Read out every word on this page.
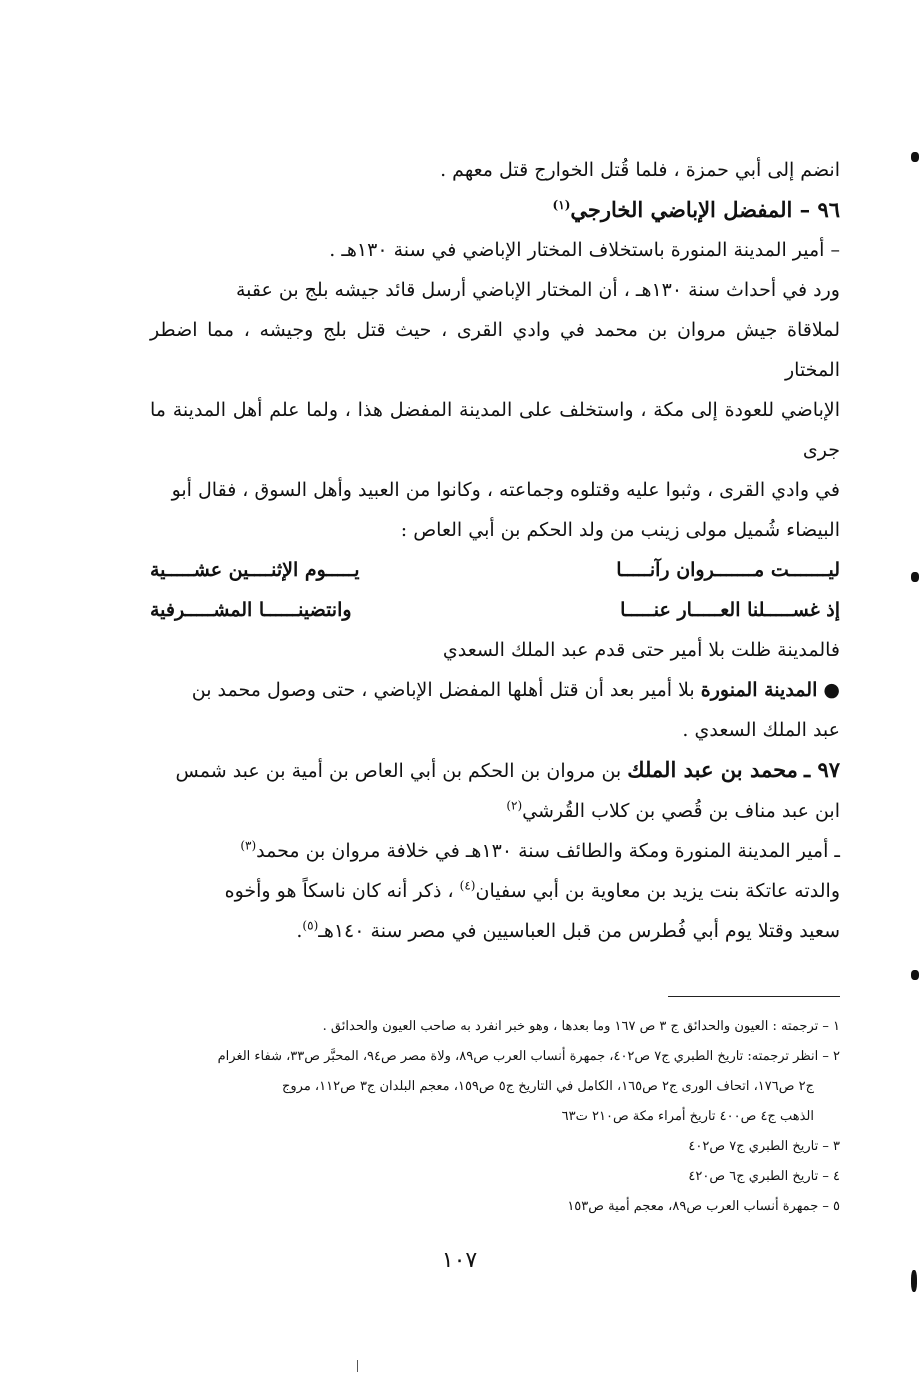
انضم إلى أبي حمزة ، فلما قُتل الخوارج قتل معهم .
٩٦ – المفضل الإباضي الخارجي$^{(١)}$
– أمير المدينة المنورة باستخلاف المختار الإباضي في سنة ١٣٠هـ .
ورد في أحداث سنة ١٣٠هـ ، أن المختار الإباضي أرسل قائد جيشه بلج بن عقبة
لملاقاة جيش مروان بن محمد في وادي القرى ، حيث قتل بلج وجيشه ، مما اضطر المختار
الإباضي للعودة إلى مكة ، واستخلف على المدينة المفضل هذا ، ولما علم أهل المدينة ما جرى
في وادي القرى ، وثبوا عليه وقتلوه وجماعته ، وكانوا من العبيد وأهل السوق ، فقال أبو
البيضاء شُميل مولى زينب من ولد الحكم بن أبي العاص :
ليـــــــت مـــــــروان رآنـــــا
يـــــوم الإثنــــين عشـــــية
إذ غســـــلنا العـــــار عنـــــا
وانتضينــــــا المشـــــرفية
فالمدينة ظلت بلا أمير حتى قدم عبد الملك السعدي
● المدينة المنورة بلا أمير بعد أن قتل أهلها المفضل الإباضي ، حتى وصول محمد بن
عبد الملك السعدي .
٩٧ ـ محمد بن عبد الملك بن مروان بن الحكم بن أبي العاص بن أمية بن عبد شمس
ابن عبد مناف بن قُصي بن كلاب القُرشي$^{(٢)}$
ـ أمير المدينة المنورة ومكة والطائف سنة ١٣٠هـ في خلافة مروان بن محمد$^{(٣)}$
والدته عاتكة بنت يزيد بن معاوية بن أبي سفيان$^{(٤)}$ ، ذكر أنه كان ناسكاً هو وأخوه
سعيد وقتلا يوم أبي فُطرس من قبل العباسيين في مصر سنة ١٤٠هـ$^{(٥)}$.
١ – ترجمته : العيون والحدائق ج ٣ ص ١٦٧ وما بعدها ، وهو خبر انفرد به صاحب العيون والحدائق .
٢ – انظر ترجمته: تاريخ الطبري ج٧ ص٤٠٢، جمهرة أنساب العرب ص٨٩، ولاة مصر ص٩٤، المحبَّر ص٣٣، شفاء الغرام
ج٢ ص١٧٦، اتحاف الورى ج٢ ص١٦٥، الكامل في التاريخ ج٥ ص١٥٩، معجم البلدان ج٣ ص١١٢، مروج
الذهب ج٤ ص٤٠٠ تاريخ أمراء مكة ص٢١٠ ت٦٣
٣ – تاريخ الطبري ج٧ ص٤٠٢
٤ – تاريخ الطبري ج٦ ص٤٢٠
٥ – جمهرة أنساب العرب ص٨٩، معجم أمية ص١٥٣
١٠٧
